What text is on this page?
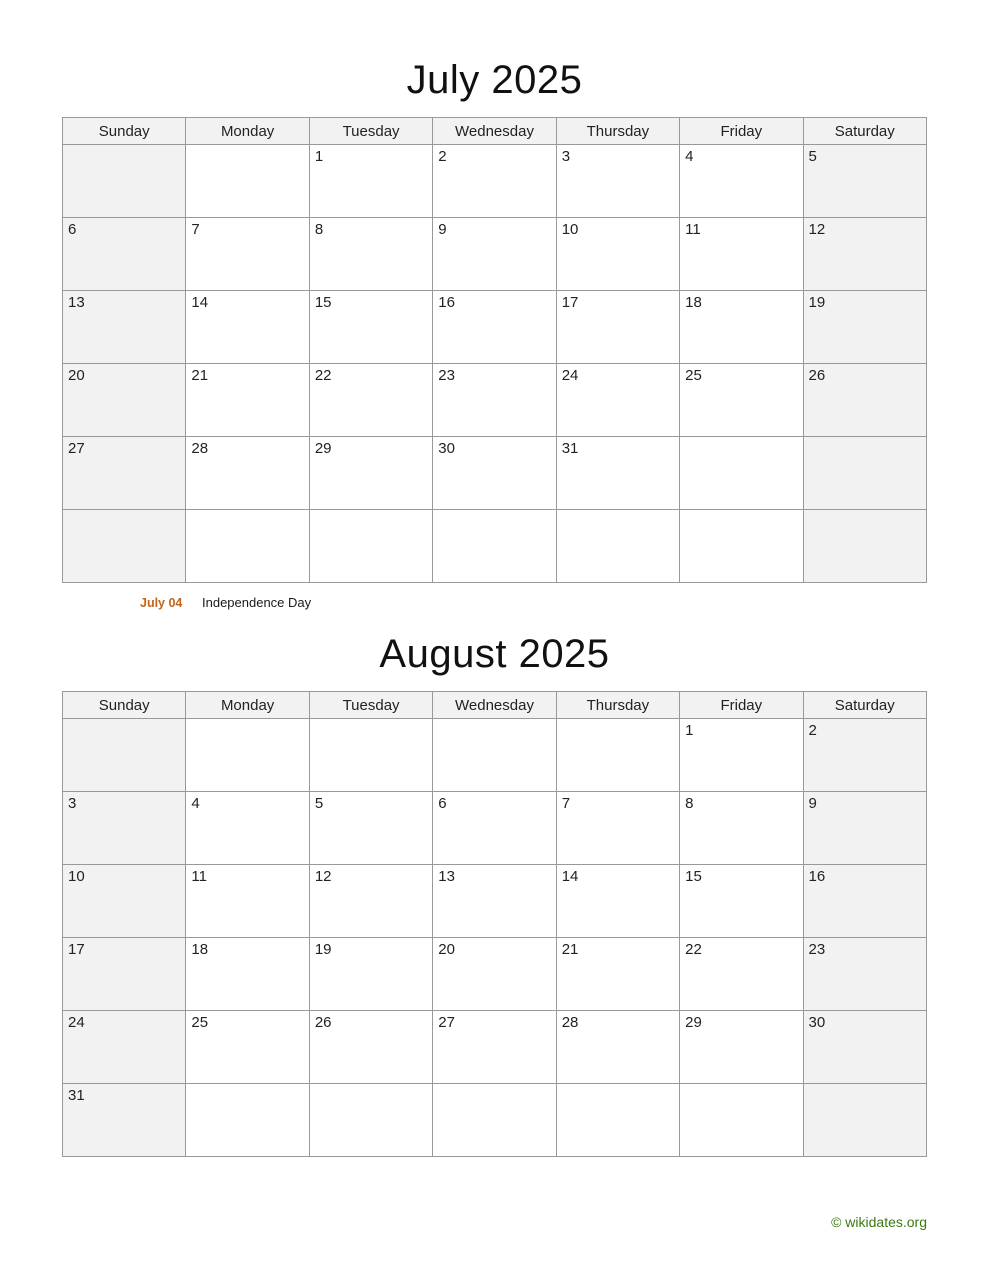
July 2025
Sunday	Monday	Tuesday	Wednesday	Thursday	Friday	Saturday
		1	2	3	4	5
6	7	8	9	10	11	12
13	14	15	16	17	18	19
20	21	22	23	24	25	26
27	28	29	30	31		

July 04	Independence Day
August 2025
Sunday	Monday	Tuesday	Wednesday	Thursday	Friday	Saturday
					1	2
3	4	5	6	7	8	9
10	11	12	13	14	15	16
17	18	19	20	21	22	23
24	25	26	27	28	29	30
31						
© wikidates.org
